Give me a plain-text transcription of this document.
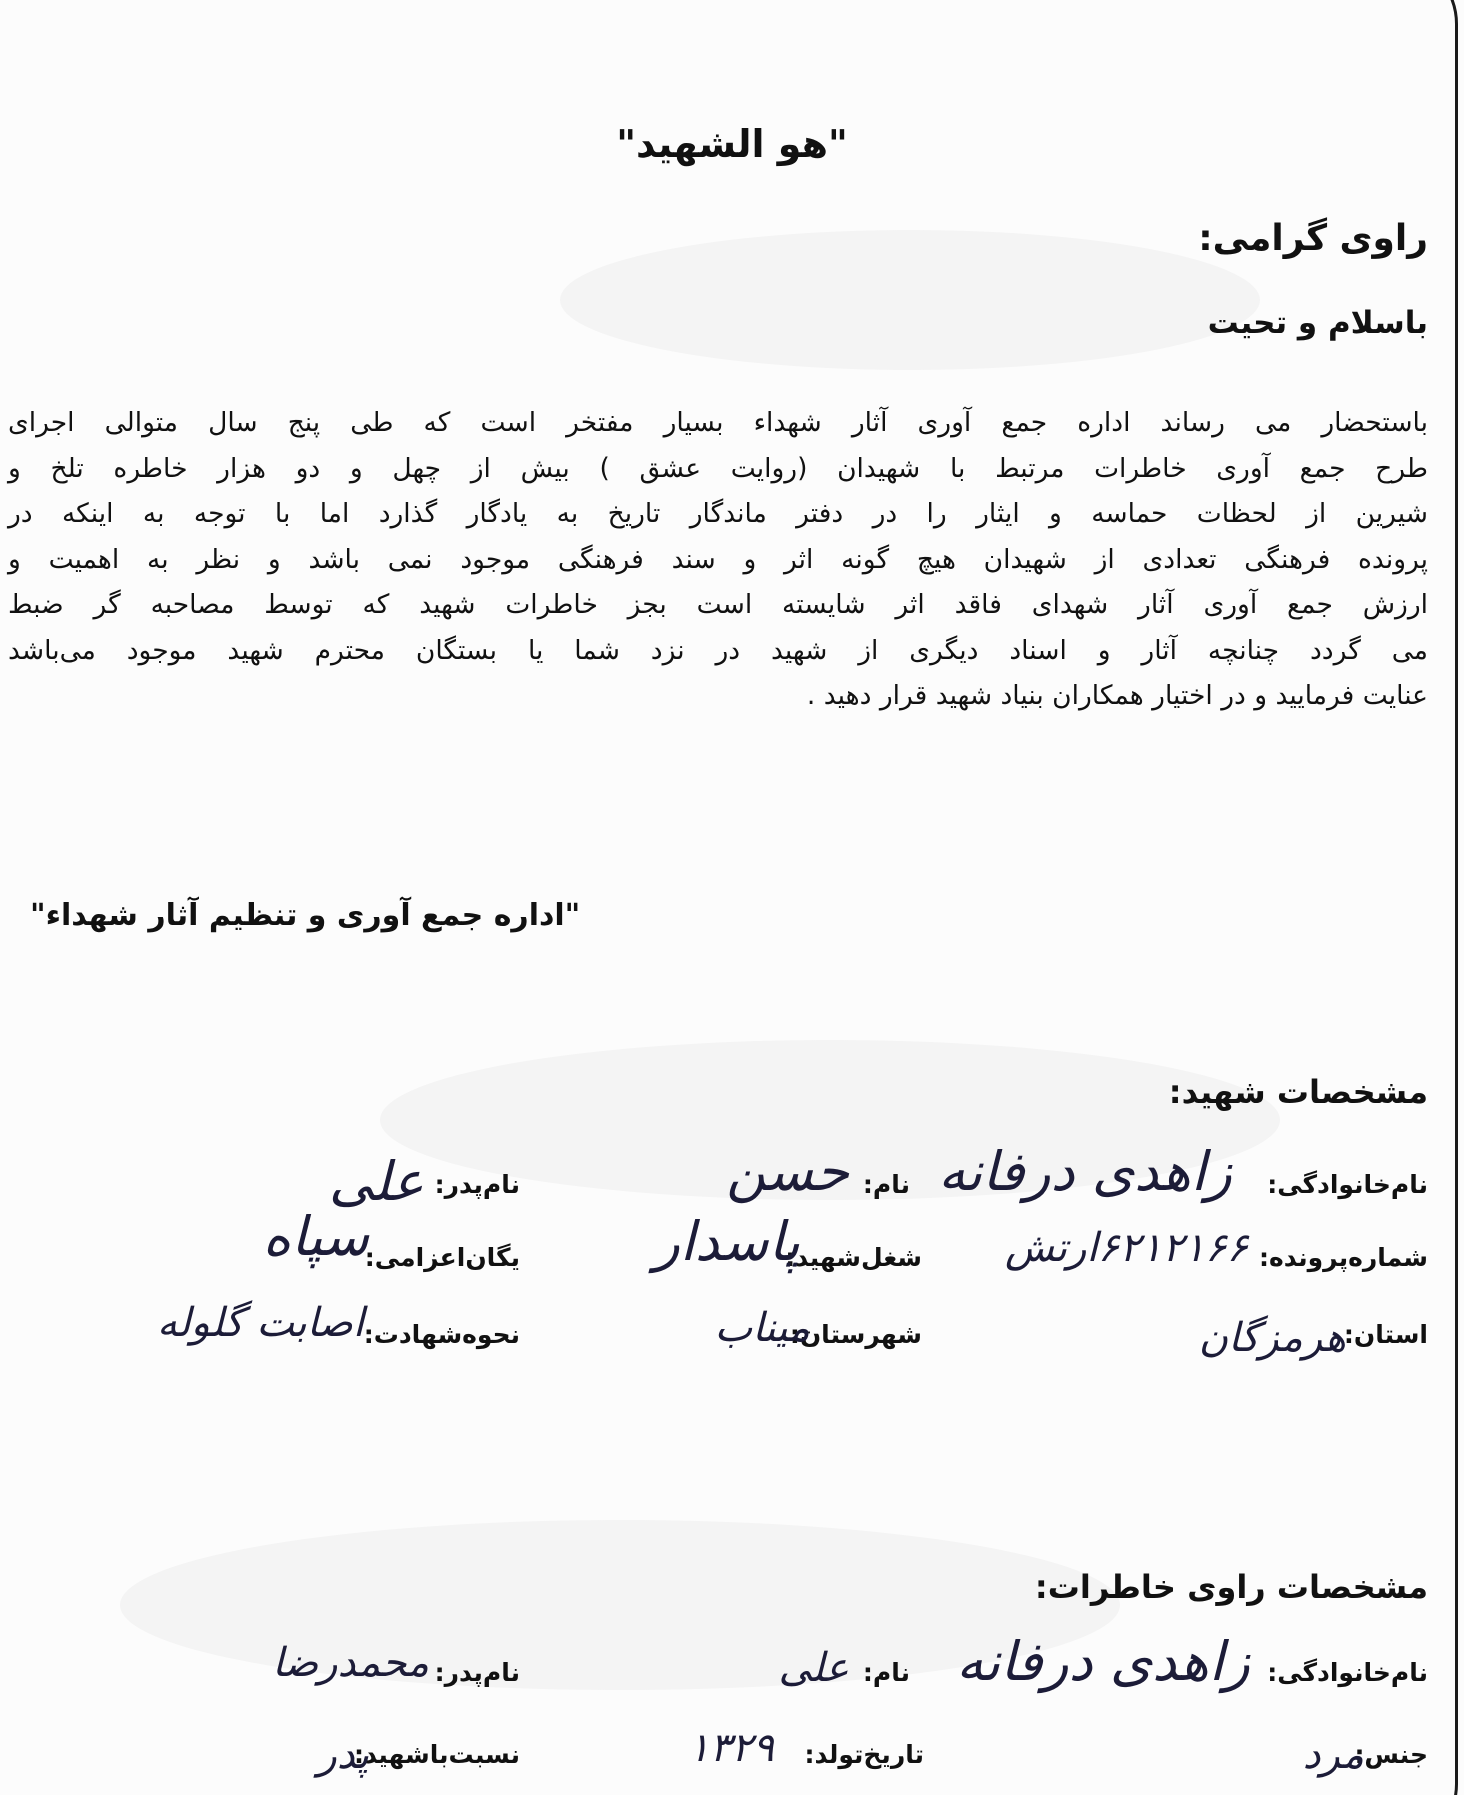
"هو الشهید"
راوی گرامی:
باسلام و تحیت
باستحضار می رساند اداره جمع آوری آثار شهداء بسیار مفتخر است که طی پنج سال متوالی اجرای
طرح جمع آوری خاطرات مرتبط با شهیدان (روایت عشق ) بیش از چهل و دو هزار خاطره تلخ و
شیرین از لحظات حماسه و ایثار را در دفتر ماندگار تاریخ به یادگار گذارد اما با توجه به اینکه در
پرونده فرهنگی تعدادی از شهیدان هیچ گونه اثر و سند فرهنگی موجود نمی باشد و نظر به اهمیت و
ارزش جمع آوری آثار شهدای فاقد اثر شایسته است بجز خاطرات شهید که توسط مصاحبه گر ضبط
می گردد چنانچه آثار و اسناد دیگری از شهید در نزد شما یا بستگان محترم شهید موجود می‌باشد
عنایت فرمایید و در اختیار همکاران بنیاد شهید قرار دهید .
"اداره جمع آوری و تنظیم آثار شهداء"
مشخصات شهید:
نام‌خانوادگی:
زاهدی درفانه
نام:
حسن
نام‌پدر:
علی
شماره‌پرونده:
۶۲۱۲۱۶۶ارتش
شغل‌شهید:
پاسدار
یگان‌اعزامی:
سپاه
استان:
هرمزگان
شهرستان:
میناب
نحوه‌شهادت:
اصابت گلوله
مشخصات راوی خاطرات:
نام‌خانوادگی:
زاهدی درفانه
نام:
علی
نام‌پدر:
محمدرضا
جنس:
مرد
تاریخ‌تولد:
۱۳۲۹
نسبت‌باشهید:
پدر
